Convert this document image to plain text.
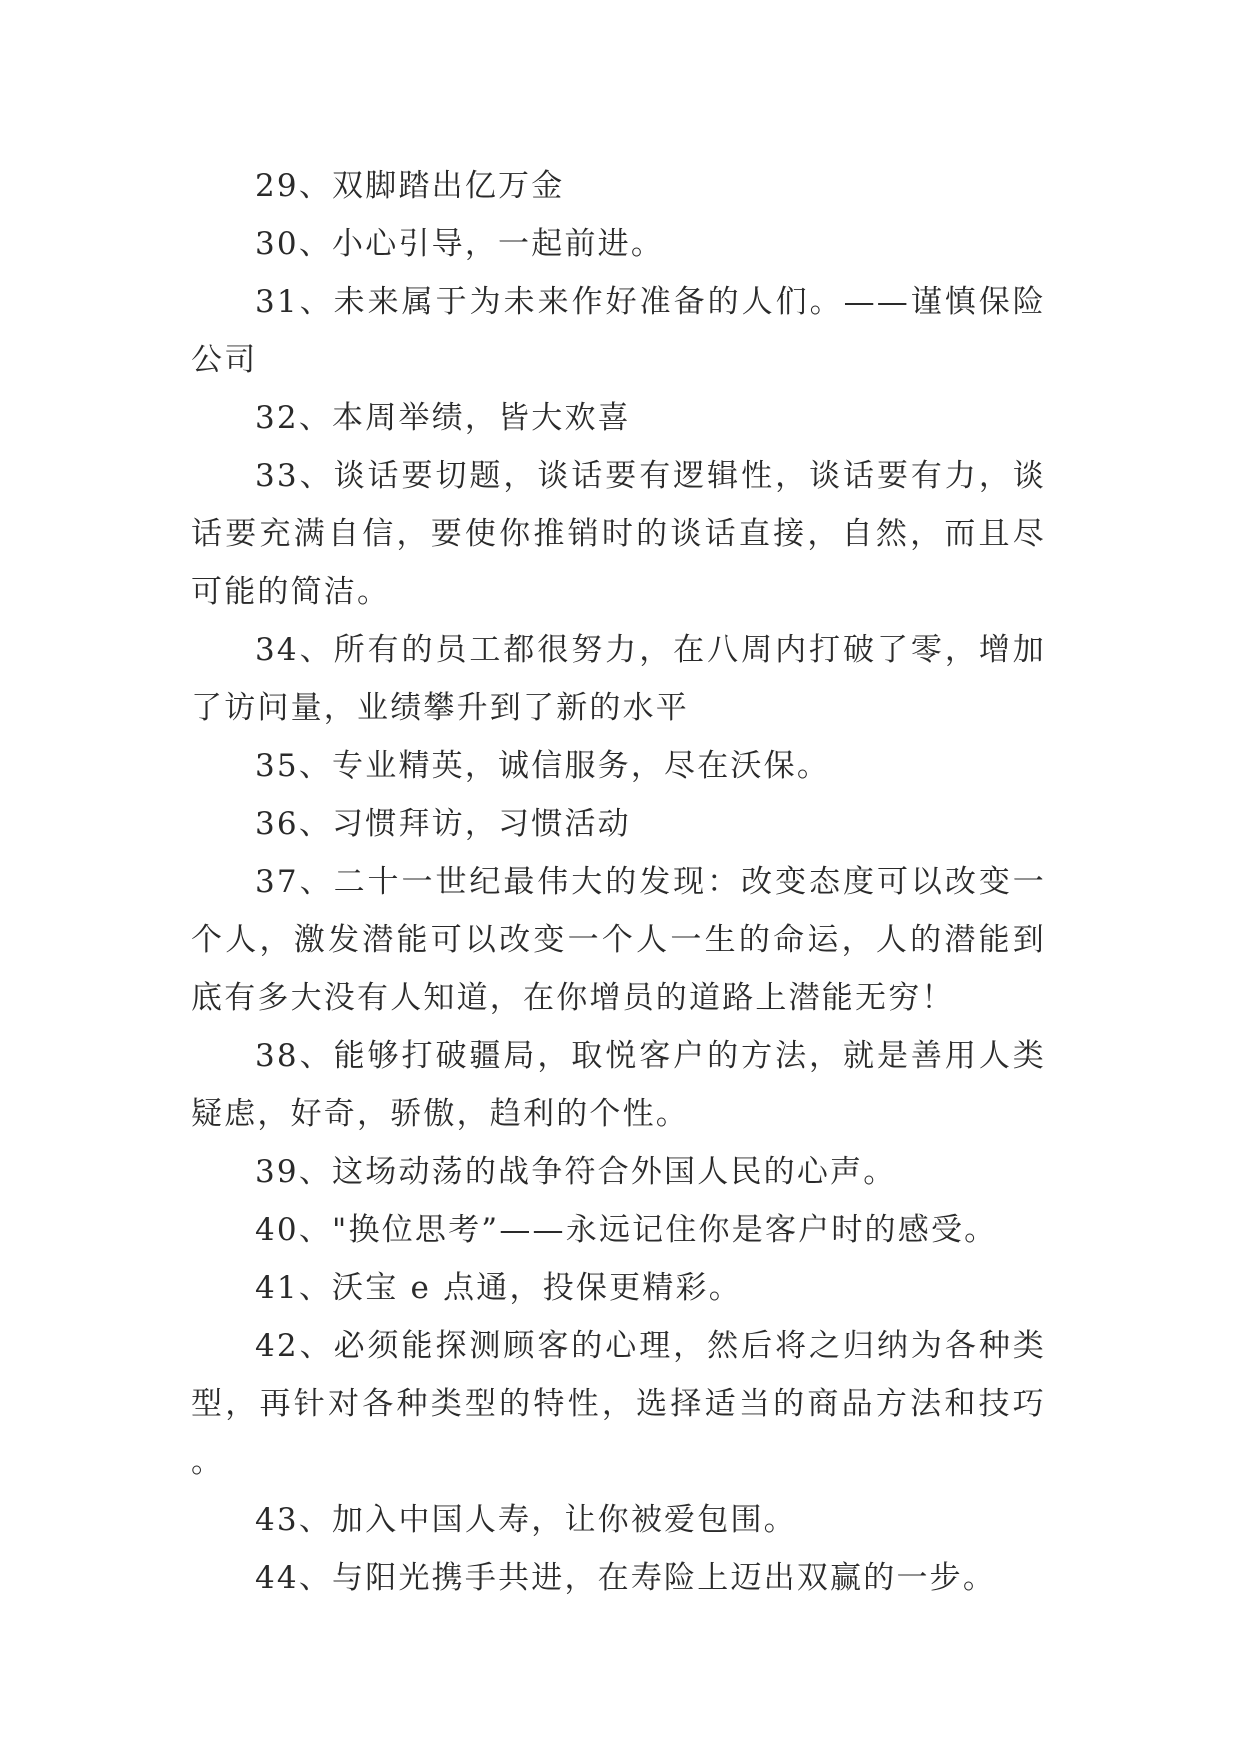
29、双脚踏出亿万金

30、小心引导，一起前进。

31、未来属于为未来作好准备的人们。——谨慎保险公司

32、本周举绩，皆大欢喜

33、谈话要切题，谈话要有逻辑性，谈话要有力，谈话要充满自信，要使你推销时的谈话直接，自然，而且尽可能的简洁。

34、所有的员工都很努力，在八周内打破了零，增加了访问量，业绩攀升到了新的水平

35、专业精英，诚信服务，尽在沃保。

36、习惯拜访，习惯活动

37、二十一世纪最伟大的发现：改变态度可以改变一个人，激发潜能可以改变一个人一生的命运，人的潜能到底有多大没有人知道，在你增员的道路上潜能无穷！

38、能够打破疆局，取悦客户的方法，就是善用人类疑虑，好奇，骄傲，趋利的个性。

39、这场动荡的战争符合外国人民的心声。

40、"换位思考”——永远记住你是客户时的感受。

41、沃宝 e 点通，投保更精彩。

42、必须能探测顾客的心理，然后将之归纳为各种类型，再针对各种类型的特性，选择适当的商品方法和技巧。

43、加入中国人寿，让你被爱包围。

44、与阳光携手共进，在寿险上迈出双赢的一步。
